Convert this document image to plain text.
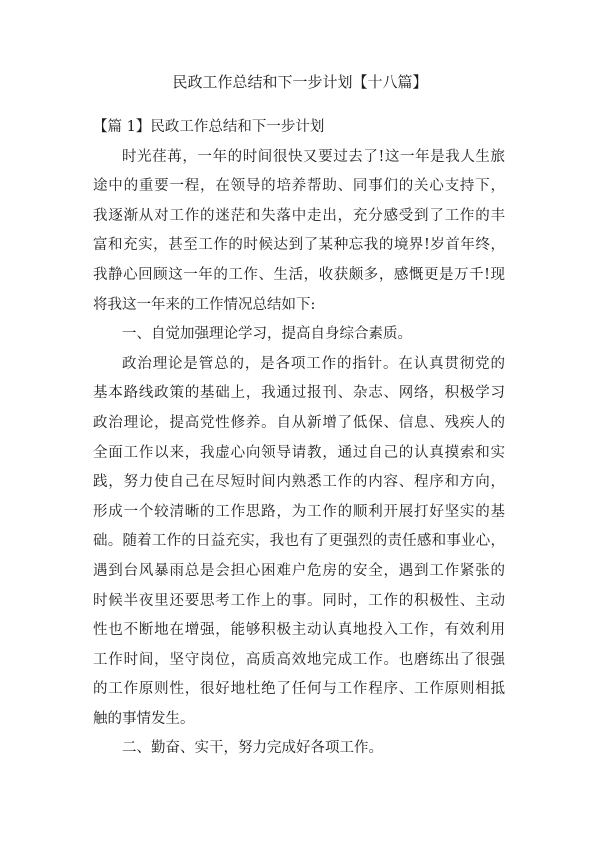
民政工作总结和下一步计划【十八篇】
【篇 1】民政工作总结和下一步计划
时光荏苒，一年的时间很快又要过去了!这一年是我人生旅
途中的重要一程，在领导的培养帮助、同事们的关心支持下，
我逐渐从对工作的迷茫和失落中走出，充分感受到了工作的丰
富和充实，甚至工作的时候达到了某种忘我的境界!岁首年终，
我静心回顾这一年的工作、生活，收获颇多，感慨更是万千!现
将我这一年来的工作情况总结如下:
一、自觉加强理论学习，提高自身综合素质。
政治理论是管总的，是各项工作的指针。在认真贯彻党的
基本路线政策的基础上，我通过报刊、杂志、网络，积极学习
政治理论，提高党性修养。自从新增了低保、信息、残疾人的
全面工作以来，我虚心向领导请教，通过自己的认真摸索和实
践，努力使自己在尽短时间内熟悉工作的内容、程序和方向，
形成一个较清晰的工作思路，为工作的顺利开展打好坚实的基
础。随着工作的日益充实，我也有了更强烈的责任感和事业心，
遇到台风暴雨总是会担心困难户危房的安全，遇到工作紧张的
时候半夜里还要思考工作上的事。同时，工作的积极性、主动
性也不断地在增强，能够积极主动认真地投入工作，有效利用
工作时间，坚守岗位，高质高效地完成工作。也磨练出了很强
的工作原则性，很好地杜绝了任何与工作程序、工作原则相抵
触的事情发生。
二、勤奋、实干，努力完成好各项工作。
